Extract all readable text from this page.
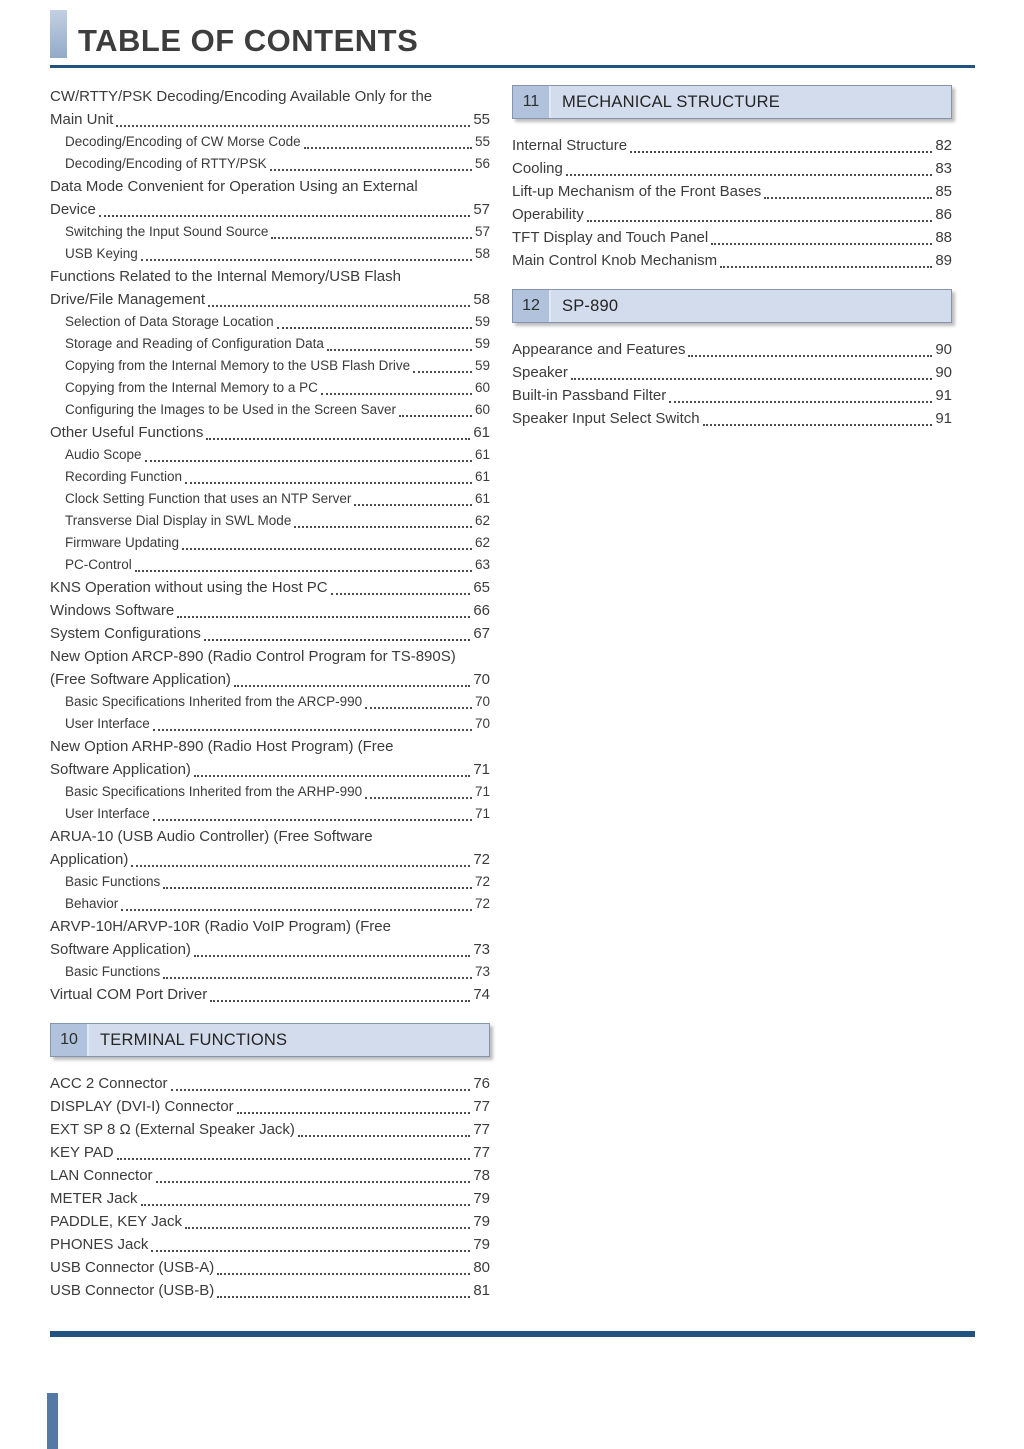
TABLE OF CONTENTS
CW/RTTY/PSK Decoding/Encoding Available Only for the
Main Unit	55
Decoding/Encoding of CW Morse Code	55
Decoding/Encoding of RTTY/PSK	56
Data Mode Convenient for Operation Using an External
Device	57
Switching the Input Sound Source	57
USB Keying	58
Functions Related to the Internal Memory/USB Flash
Drive/File Management	58
Selection of Data Storage Location	59
Storage and Reading of Configuration Data	59
Copying from the Internal Memory to the USB Flash Drive	59
Copying from the Internal Memory to a PC	60
Configuring the Images to be Used in the Screen Saver	60
Other Useful Functions	61
Audio Scope	61
Recording Function	61
Clock Setting Function that uses an NTP Server	61
Transverse Dial Display in SWL Mode	62
Firmware Updating	62
PC-Control	63
KNS Operation without using the Host PC	65
Windows Software	66
System Configurations	67
New Option ARCP-890 (Radio Control Program for TS-890S)
(Free Software Application)	70
Basic Specifications Inherited from the ARCP-990	70
User Interface	70
New Option ARHP-890 (Radio Host Program) (Free
Software Application)	71
Basic Specifications Inherited from the ARHP-990	71
User Interface	71
ARUA-10 (USB Audio Controller) (Free Software
Application)	72
Basic Functions	72
Behavior	72
ARVP-10H/ARVP-10R (Radio VoIP Program) (Free
Software Application)	73
Basic Functions	73
Virtual COM Port Driver	74
10	TERMINAL FUNCTIONS
ACC 2 Connector	76
DISPLAY (DVI-I) Connector	77
EXT SP 8 Ω (External Speaker Jack)	77
KEY PAD	77
LAN Connector	78
METER Jack	79
PADDLE, KEY Jack	79
PHONES Jack	79
USB Connector (USB-A)	80
USB Connector (USB-B)	81
11	MECHANICAL STRUCTURE
Internal Structure	82
Cooling	83
Lift-up Mechanism of the Front Bases	85
Operability	86
TFT Display and Touch Panel	88
Main Control Knob Mechanism	89
12	SP-890
Appearance and Features	90
Speaker	90
Built-in Passband Filter	91
Speaker Input Select Switch	91
